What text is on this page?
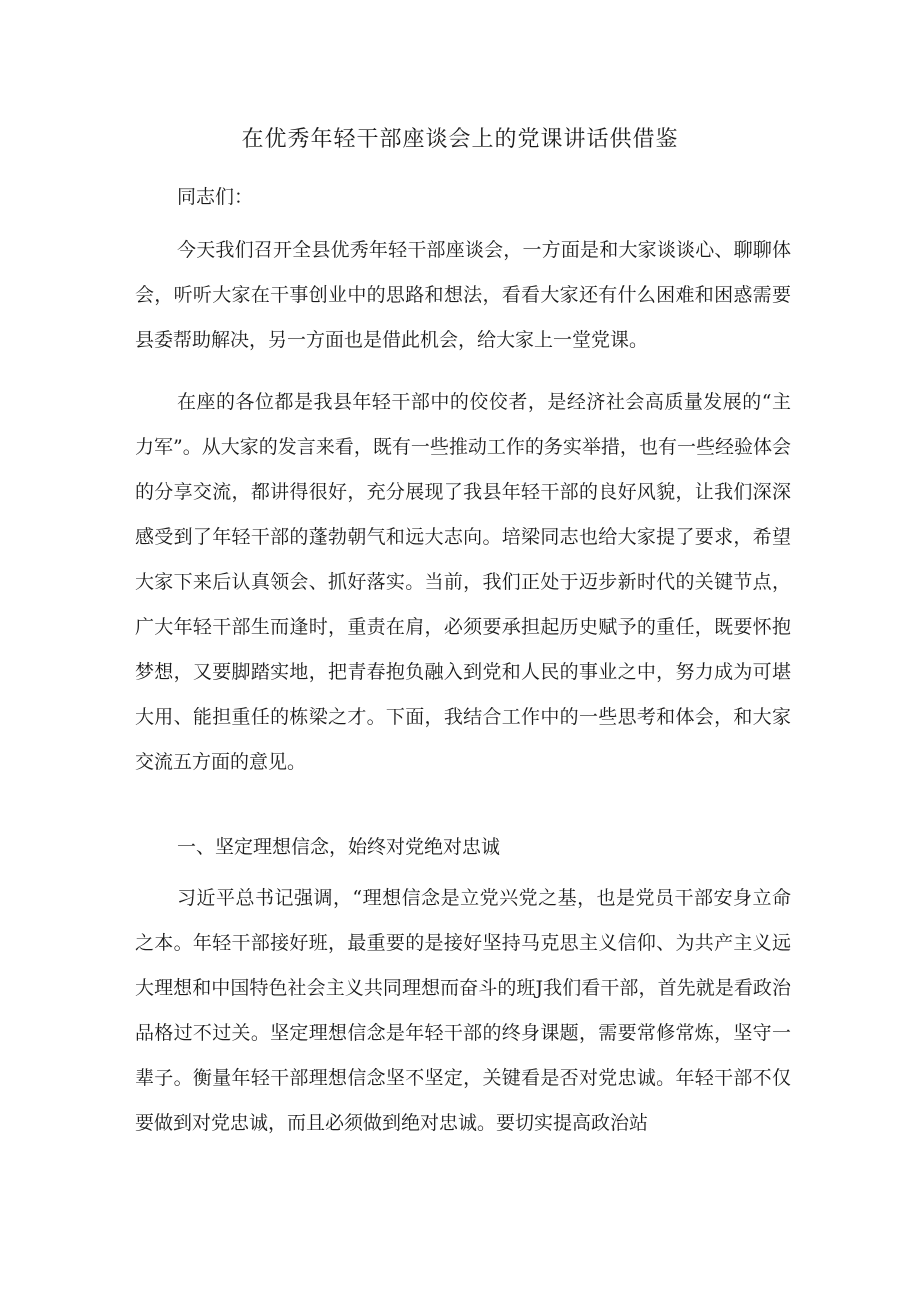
在优秀年轻干部座谈会上的党课讲话供借鉴

同志们：

今天我们召开全县优秀年轻干部座谈会，一方面是和大家谈谈心、聊聊体会，听听大家在干事创业中的思路和想法，看看大家还有什么困难和困惑需要县委帮助解决，另一方面也是借此机会，给大家上一堂党课。

在座的各位都是我县年轻干部中的佼佼者，是经济社会高质量发展的“主力军”。从大家的发言来看，既有一些推动工作的务实举措，也有一些经验体会的分享交流，都讲得很好，充分展现了我县年轻干部的良好风貌，让我们深深感受到了年轻干部的蓬勃朝气和远大志向。培梁同志也给大家提了要求，希望大家下来后认真领会、抓好落实。当前，我们正处于迈步新时代的关键节点，广大年轻干部生而逢时，重责在肩，必须要承担起历史赋予的重任，既要怀抱梦想，又要脚踏实地，把青春抱负融入到党和人民的事业之中，努力成为可堪大用、能担重任的栋梁之才。下面，我结合工作中的一些思考和体会，和大家交流五方面的意见。

一、坚定理想信念，始终对党绝对忠诚

习近平总书记强调，“理想信念是立党兴党之基，也是党员干部安身立命之本。年轻干部接好班，最重要的是接好坚持马克思主义信仰、为共产主义远大理想和中国特色社会主义共同理想而奋斗的班J我们看干部，首先就是看政治品格过不过关。坚定理想信念是年轻干部的终身课题，需要常修常炼，坚守一辈子。衡量年轻干部理想信念坚不坚定，关键看是否对党忠诚。年轻干部不仅要做到对党忠诚，而且必须做到绝对忠诚。要切实提高政治站
